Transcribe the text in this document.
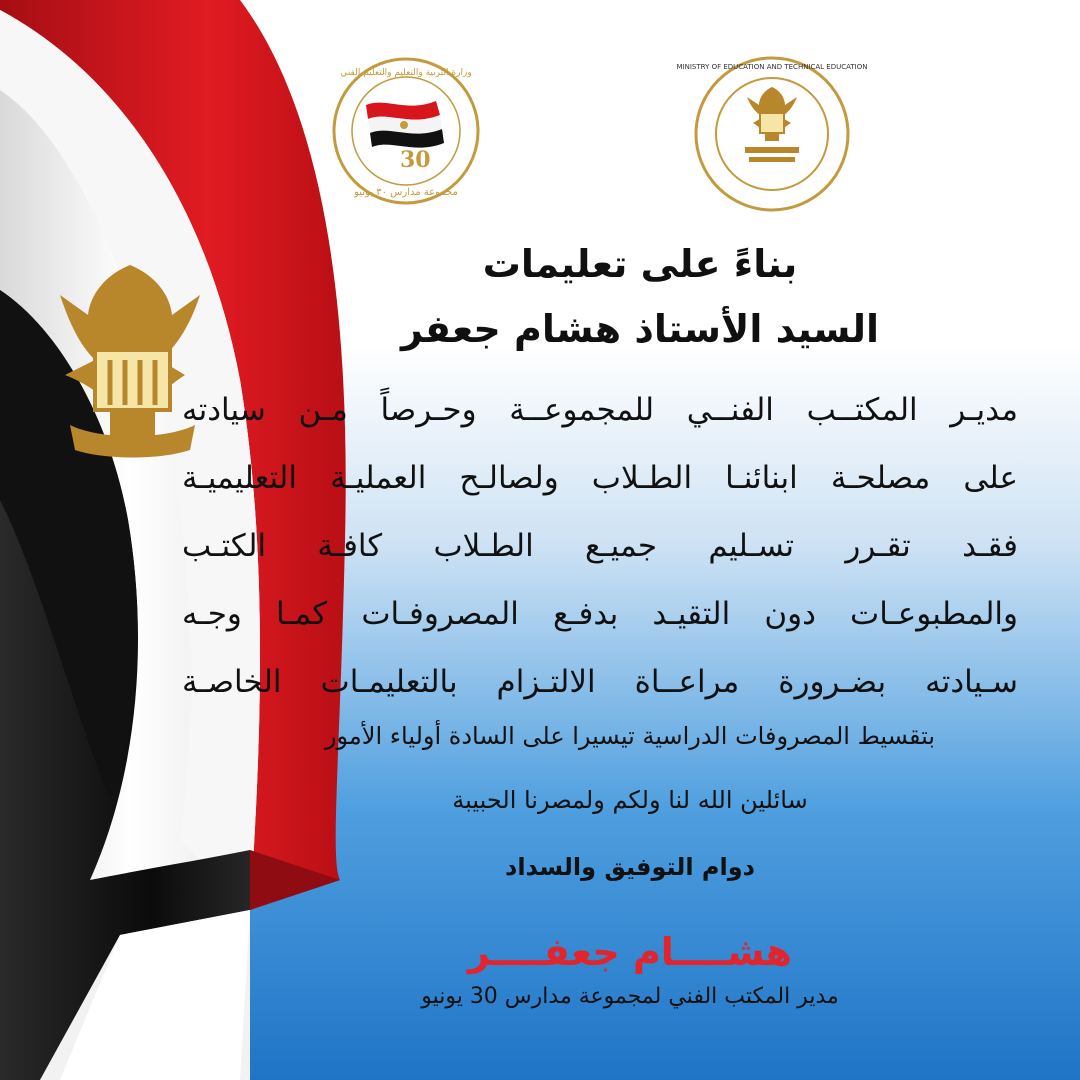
30
وزارة التربية والتعليم والتعليم الفني
مجموعة مدارس ٣٠ يونيو
MINISTRY OF EDUCATION AND TECHNICAL EDUCATION
بناءً على تعليمات
السيد الأستاذ هشام جعفر
مديـر المكتــب الفنــي للمجموعــة وحـرصاً مـن سيادته
على مصلحـة ابنائنـا الطـلاب ولصالـح العمليـة التعليميـة
فقـد تقـرر تسـليم جميـع الطـلاب كافـة الكتـب
والمطبوعـات دون التقيـد بدفـع المصروفـات كمـا وجـه
سـيادته بضـرورة مراعــاة الالتـزام بالتعليمـات الخاصـة
بتقسيط المصروفات الدراسية تيسيرا على السادة أولياء الأمور
سائلين الله لنا ولكم ولمصرنا الحبيبة
دوام التوفيق والسداد
هشــــام جعفــــر
مدير المكتب الفني لمجموعة مدارس 30 يونيو
